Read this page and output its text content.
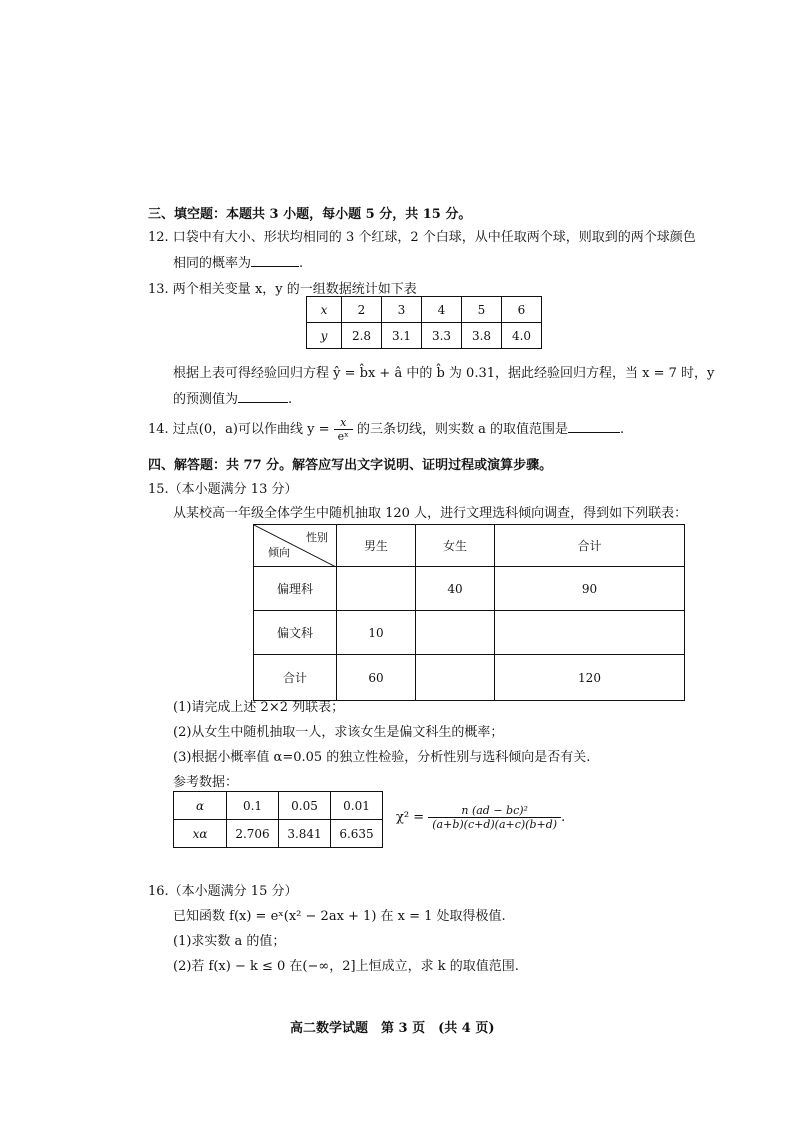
三、填空题：本题共 3 小题，每小题 5 分，共 15 分。
12. 口袋中有大小、形状均相同的 3 个红球，2 个白球，从中任取两个球，则取到的两个球颜色
相同的概率为	.
13. 两个相关变量 x，y 的一组数据统计如下表
x	2	3	4	5	6
y	2.8	3.1	3.3	3.8	4.0
根据上表可得经验回归方程 ŷ = b̂x + â 中的 b̂ 为 0.31，据此经验回归方程，当 x = 7 时，y
的预测值为	.
14. 过点(0，a)可以作曲线 $y = \frac{x}{\text{eˣ}}$ 的三条切线，则实数 a 的取值范围是	.
四、解答题：共 77 分。解答应写出文字说明、证明过程或演算步骤。
15.（本小题满分 13 分）
从某校高一年级全体学生中随机抽取 120 人，进行文理选科倾向调查，得到如下列联表：
性别
倾向	男生	女生	合计
偏理科		40	90
偏文科	10		
合计	60		120
(1)请完成上述 2×2 列联表；
(2)从女生中随机抽取一人，求该女生是偏文科生的概率；
(3)根据小概率值 α=0.05 的独立性检验，分析性别与选科倾向是否有关.
参考数据：
α	0.1	0.05	0.01
xα	2.706	3.841	6.635
$\chi^2 = \frac{\text{n (ad − bc)²}}{(a+b)(c+d)(a+c)(b+d)}$ .
16.（本小题满分 15 分）
已知函数 f(x) = eˣ(x² − 2ax + 1) 在 x = 1 处取得极值.
(1)求实数 a 的值；
(2)若 f(x) − k ≤ 0 在(−∞，2]上恒成立，求 k 的取值范围.
高二数学试题　第 3 页　(共 4 页)
